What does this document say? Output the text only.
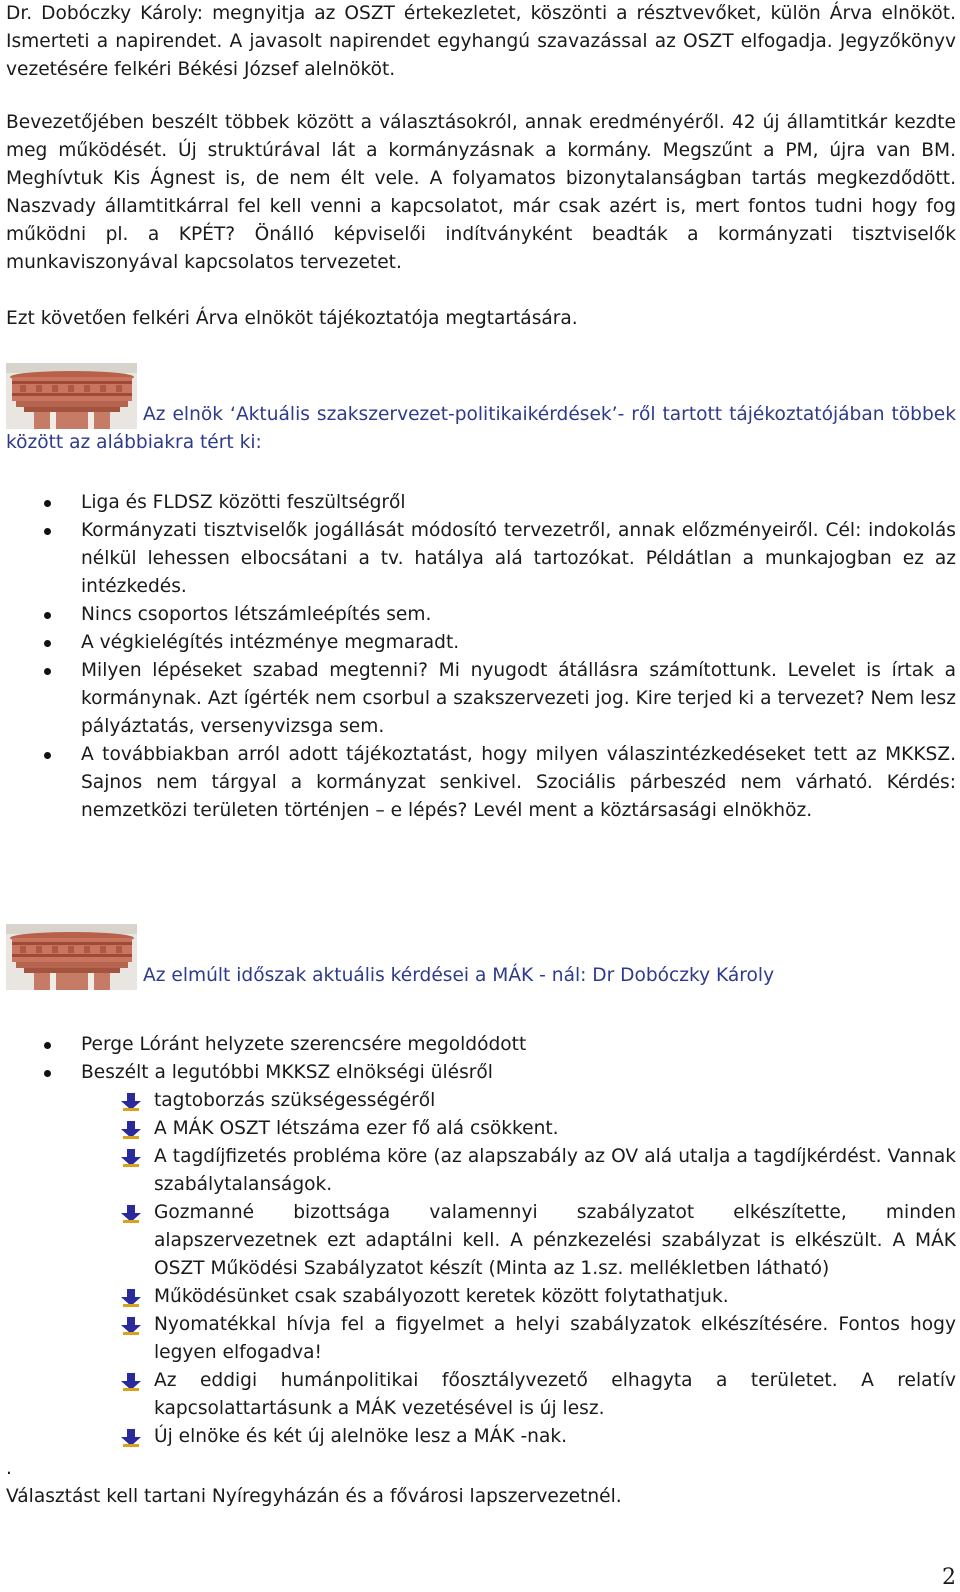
Dr. Dobóczky Károly: megnyitja az OSZT értekezletet, köszönti a résztvevőket, külön Árva elnököt. Ismerteti a napirendet. A javasolt napirendet egyhangú szavazással az OSZT elfogadja. Jegyzőkönyv vezetésére felkéri Békési József alelnököt.

Bevezetőjében beszélt többek között a választásokról, annak eredményéről. 42 új államtitkár kezdte meg működését. Új struktúrával lát a kormányzásnak a kormány. Megszűnt a PM, újra van BM. Meghívtuk Kis Ágnest is, de nem élt vele. A folyamatos bizonytalanságban tartás megkezdődött. Naszvady államtitkárral fel kell venni a kapcsolatot, már csak azért is, mert fontos tudni hogy fog működni pl. a KPÉT? Önálló képviselői indítványként beadták a kormányzati tisztviselők munkaviszonyával kapcsolatos tervezetet.

Ezt követően felkéri Árva elnököt tájékoztatója megtartására.

Az elnök ‘Aktuális szakszervezet-politikaikérdések’- ről tartott tájékoztatójában többek között az alábbiakra tért ki:

Liga és FLDSZ közötti feszültségről
Kormányzati tisztviselők jogállását módosító tervezetről, annak előzményeiről. Cél: indokolás nélkül lehessen elbocsátani a tv. hatálya alá tartozókat. Példátlan a munkajogban ez az intézkedés.
Nincs csoportos létszámleépítés sem.
A végkielégítés intézménye megmaradt.
Milyen lépéseket szabad megtenni? Mi nyugodt átállásra számítottunk. Levelet is írtak a kormánynak. Azt ígérték nem csorbul a szakszervezeti jog. Kire terjed ki a tervezet? Nem lesz pályáztatás, versenyvizsga sem.
A továbbiakban arról adott tájékoztatást, hogy milyen válaszintézkedéseket tett az MKKSZ. Sajnos nem tárgyal a kormányzat senkivel. Szociális párbeszéd nem várható. Kérdés: nemzetközi területen történjen – e lépés? Levél ment a köztársasági elnökhöz.

Az elmúlt időszak aktuális kérdései a MÁK - nál: Dr Dobóczky Károly

Perge Lóránt helyzete szerencsére megoldódott
Beszélt a legutóbbi MKKSZ elnökségi ülésről
tagtoborzás szükségességéről
A MÁK OSZT létszáma ezer fő alá csökkent.
A tagdíjfizetés probléma köre (az alapszabály az OV alá utalja a tagdíjkérdést. Vannak szabálytalanságok.
Gozmanné bizottsága valamennyi szabályzatot elkészítette, minden alapszervezetnek ezt adaptálni kell. A pénzkezelési szabályzat is elkészült. A MÁK OSZT Működési Szabályzatot készít (Minta az 1.sz. mellékletben látható)
Működésünket csak szabályozott keretek között folytathatjuk.
Nyomatékkal hívja fel a figyelmet a helyi szabályzatok elkészítésére. Fontos hogy legyen elfogadva!
Az eddigi humánpolitikai főosztályvezető elhagyta a területet. A relatív kapcsolattartásunk a MÁK vezetésével is új lesz.
Új elnöke és két új alelnöke lesz a MÁK -nak.

.

Választást kell tartani Nyíregyházán és a fővárosi lapszervezetnél.

2
